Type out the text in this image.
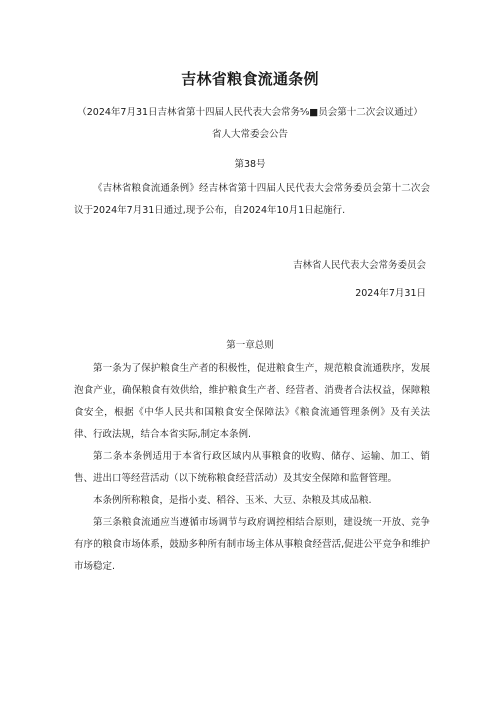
吉林省粮食流通条例
（2024年7月31日吉林省第十四届人民代表大会常务⁵⁄₉■员会第十二次会议通过）
省人大常委会公告
第38号

《吉林省粮食流通条例》经吉林省第十四届人民代表大会常务委员会第十二次会议于2024年7月31日通过,现予公布，自2024年10月1日起施行.

吉林省人民代表大会常务委员会
2024年7月31日
第一章总则

第一条为了保护粮食生产者的积极性，促进粮食生产，规范粮食流通秩序，发展泡食产业，确保粮食有效供给，维护粮食生产者、经营者、消费者合法权益，保障粮食安全，根据《中华人民共和国粮食安全保障法》《粮食流通管理条例》及有关法律、行政法规，结合本省实际,制定本条例.

第二条本条例适用于本省行政区域内从事粮食的收购、储存、运输、加工、销售、进出口等经营活动（以下统称粮食经营活动）及其安全保障和监督管理。

本条例所称粮食，是指小麦、稻谷、玉米、大豆、杂粮及其成品粮.

第三条粮食流通应当遵循市场调节与政府调控相结合原则，建设统一开放、竞争有序的粮食市场体系，鼓励多种所有制市场主体从事粮食经营活,促进公平竞争和维护市场稳定.
